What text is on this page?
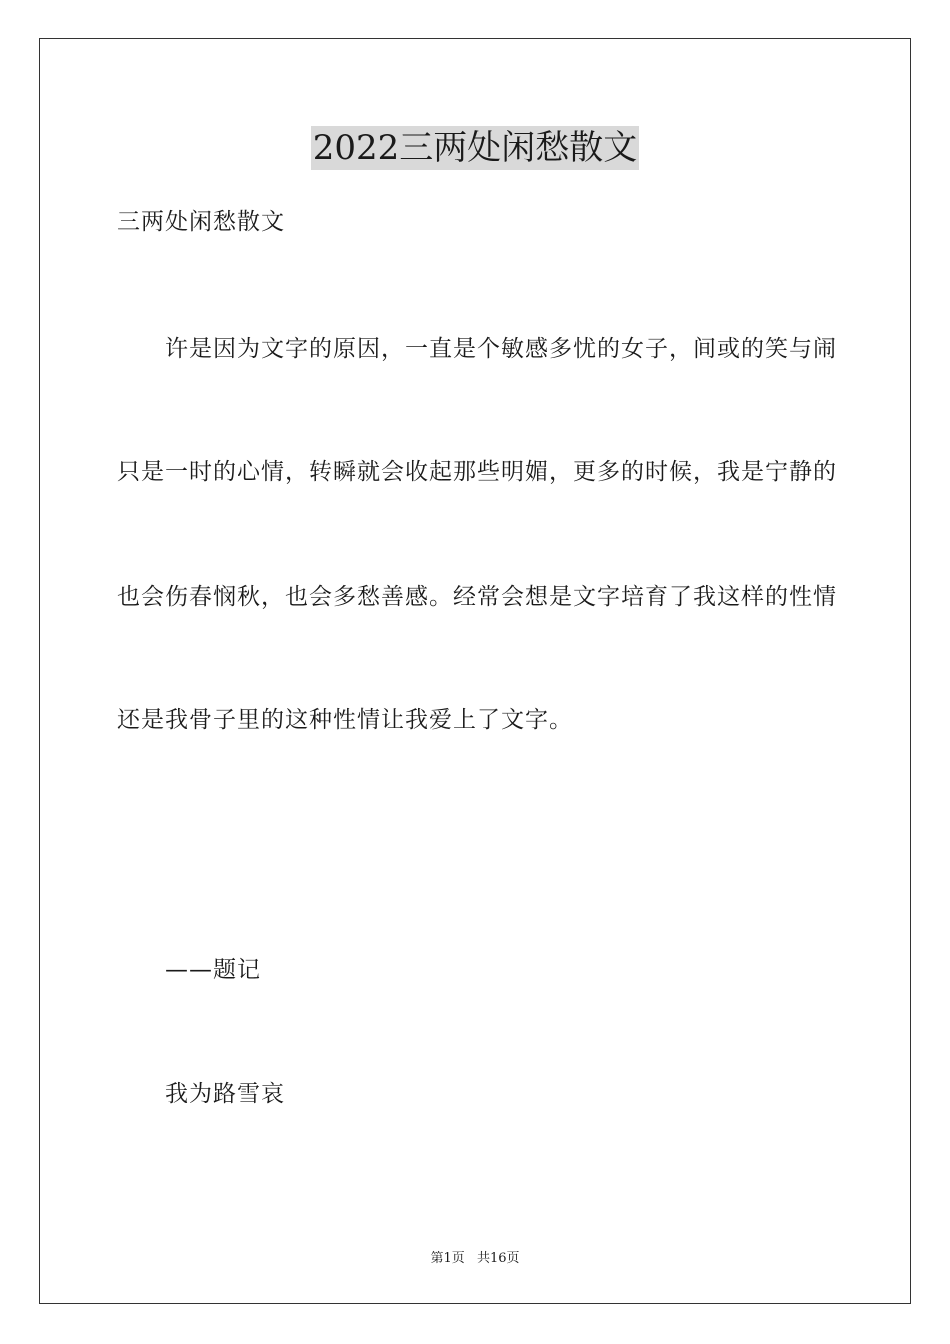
2022三两处闲愁散文

三两处闲愁散文

许是因为文字的原因，一直是个敏感多忧的女子，间或的笑与闹

只是一时的心情，转瞬就会收起那些明媚，更多的时候，我是宁静的

也会伤春悯秋，也会多愁善感。经常会想是文字培育了我这样的性情

还是我骨子里的这种性情让我爱上了文字。

——题记

我为路雪哀

第1页 共16页
